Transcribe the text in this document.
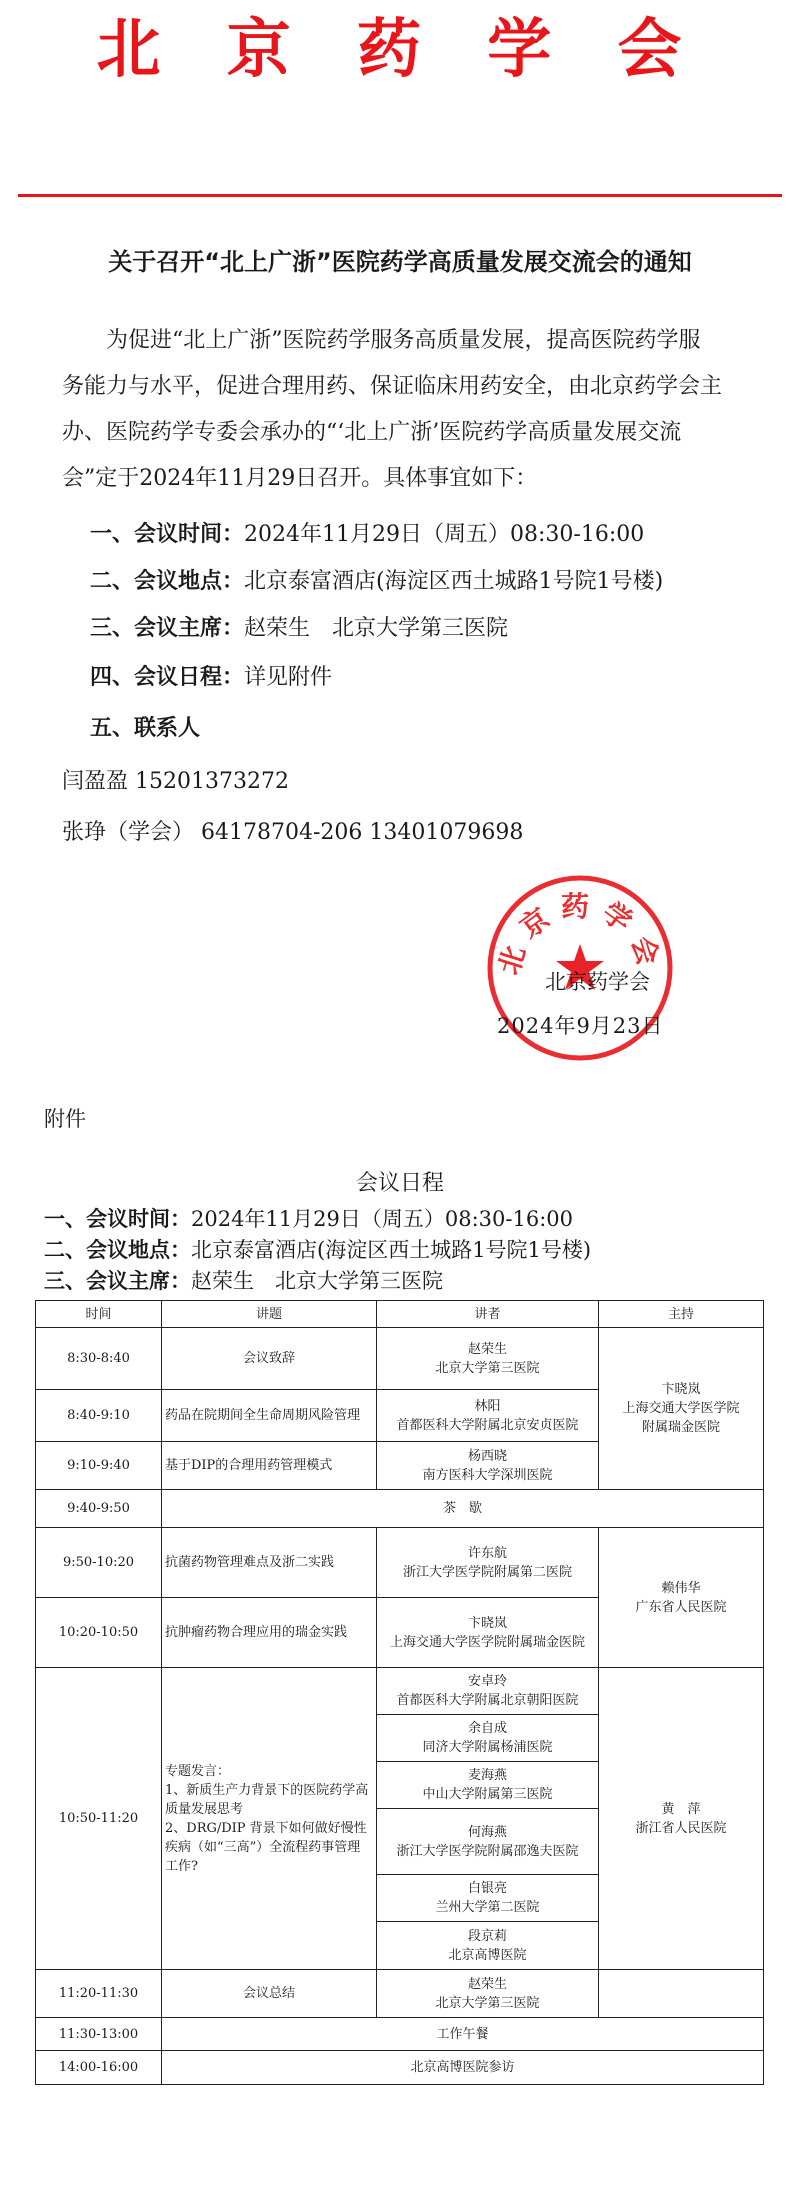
北 京 药 学 会
关于召开“北上广浙”医院药学高质量发展交流会的通知
为促进“北上广浙”医院药学服务高质量发展，提高医院药学服
务能力与水平，促进合理用药、保证临床用药安全，由北京药学会主
办、医院药学专委会承办的“‘北上广浙’医院药学高质量发展交流
会”定于2024年11月29日召开。具体事宜如下：
一、会议时间：2024年11月29日（周五）08:30-16:00
二、会议地点：北京泰富酒店(海淀区西土城路1号院1号楼)
三、会议主席：赵荣生　北京大学第三医院
四、会议日程：详见附件
五、联系人
闫盈盈 15201373272
张琤（学会） 64178704-206 13401079698
北京药学会
北京药学会
2024年9月23日
附件
会议日程
一、会议时间：2024年11月29日（周五）08:30-16:00
二、会议地点：北京泰富酒店(海淀区西土城路1号院1号楼)
三、会议主席：赵荣生　北京大学第三医院
时间	讲题	讲者	主持
8:30-8:40	会议致辞	赵荣生
北京大学第三医院	卞晓岚
上海交通大学医学院
附属瑞金医院

8:40-9:10	药品在院期间全生命周期风险管理	林阳
首都医科大学附属北京安贞医院	

9:10-9:40	基于DIP的合理用药管理模式	杨西晓
南方医科大学深圳医院	

9:40-9:50	茶　歇		
9:50-10:20	抗菌药物管理难点及浙二实践	许东航
浙江大学医学院附属第二医院	赖伟华
广东省人民医院

10:20-10:50	抗肿瘤药物合理应用的瑞金实践	卞晓岚
上海交通大学医学院附属瑞金医院	

10:50-11:20	专题发言：
1、新质生产力背景下的医院药学高质量发展思考
2、DRG/DIP 背景下如何做好慢性疾病（如“三高”）全流程药事管理工作?	安卓玲
首都医科大学附属北京朝阳医院	黄　萍
浙江省人民医院

		余自成
同济大学附属杨浦医院	

		麦海燕
中山大学附属第三医院	

		何海燕
浙江大学医学院附属邵逸夫医院	

		白银亮
兰州大学第二医院	

		段京莉
北京高博医院	

11:20-11:30	会议总结	赵荣生
北京大学第三医院	

11:30-13:00	工作午餐		
14:00-16:00	北京高博医院参访		
